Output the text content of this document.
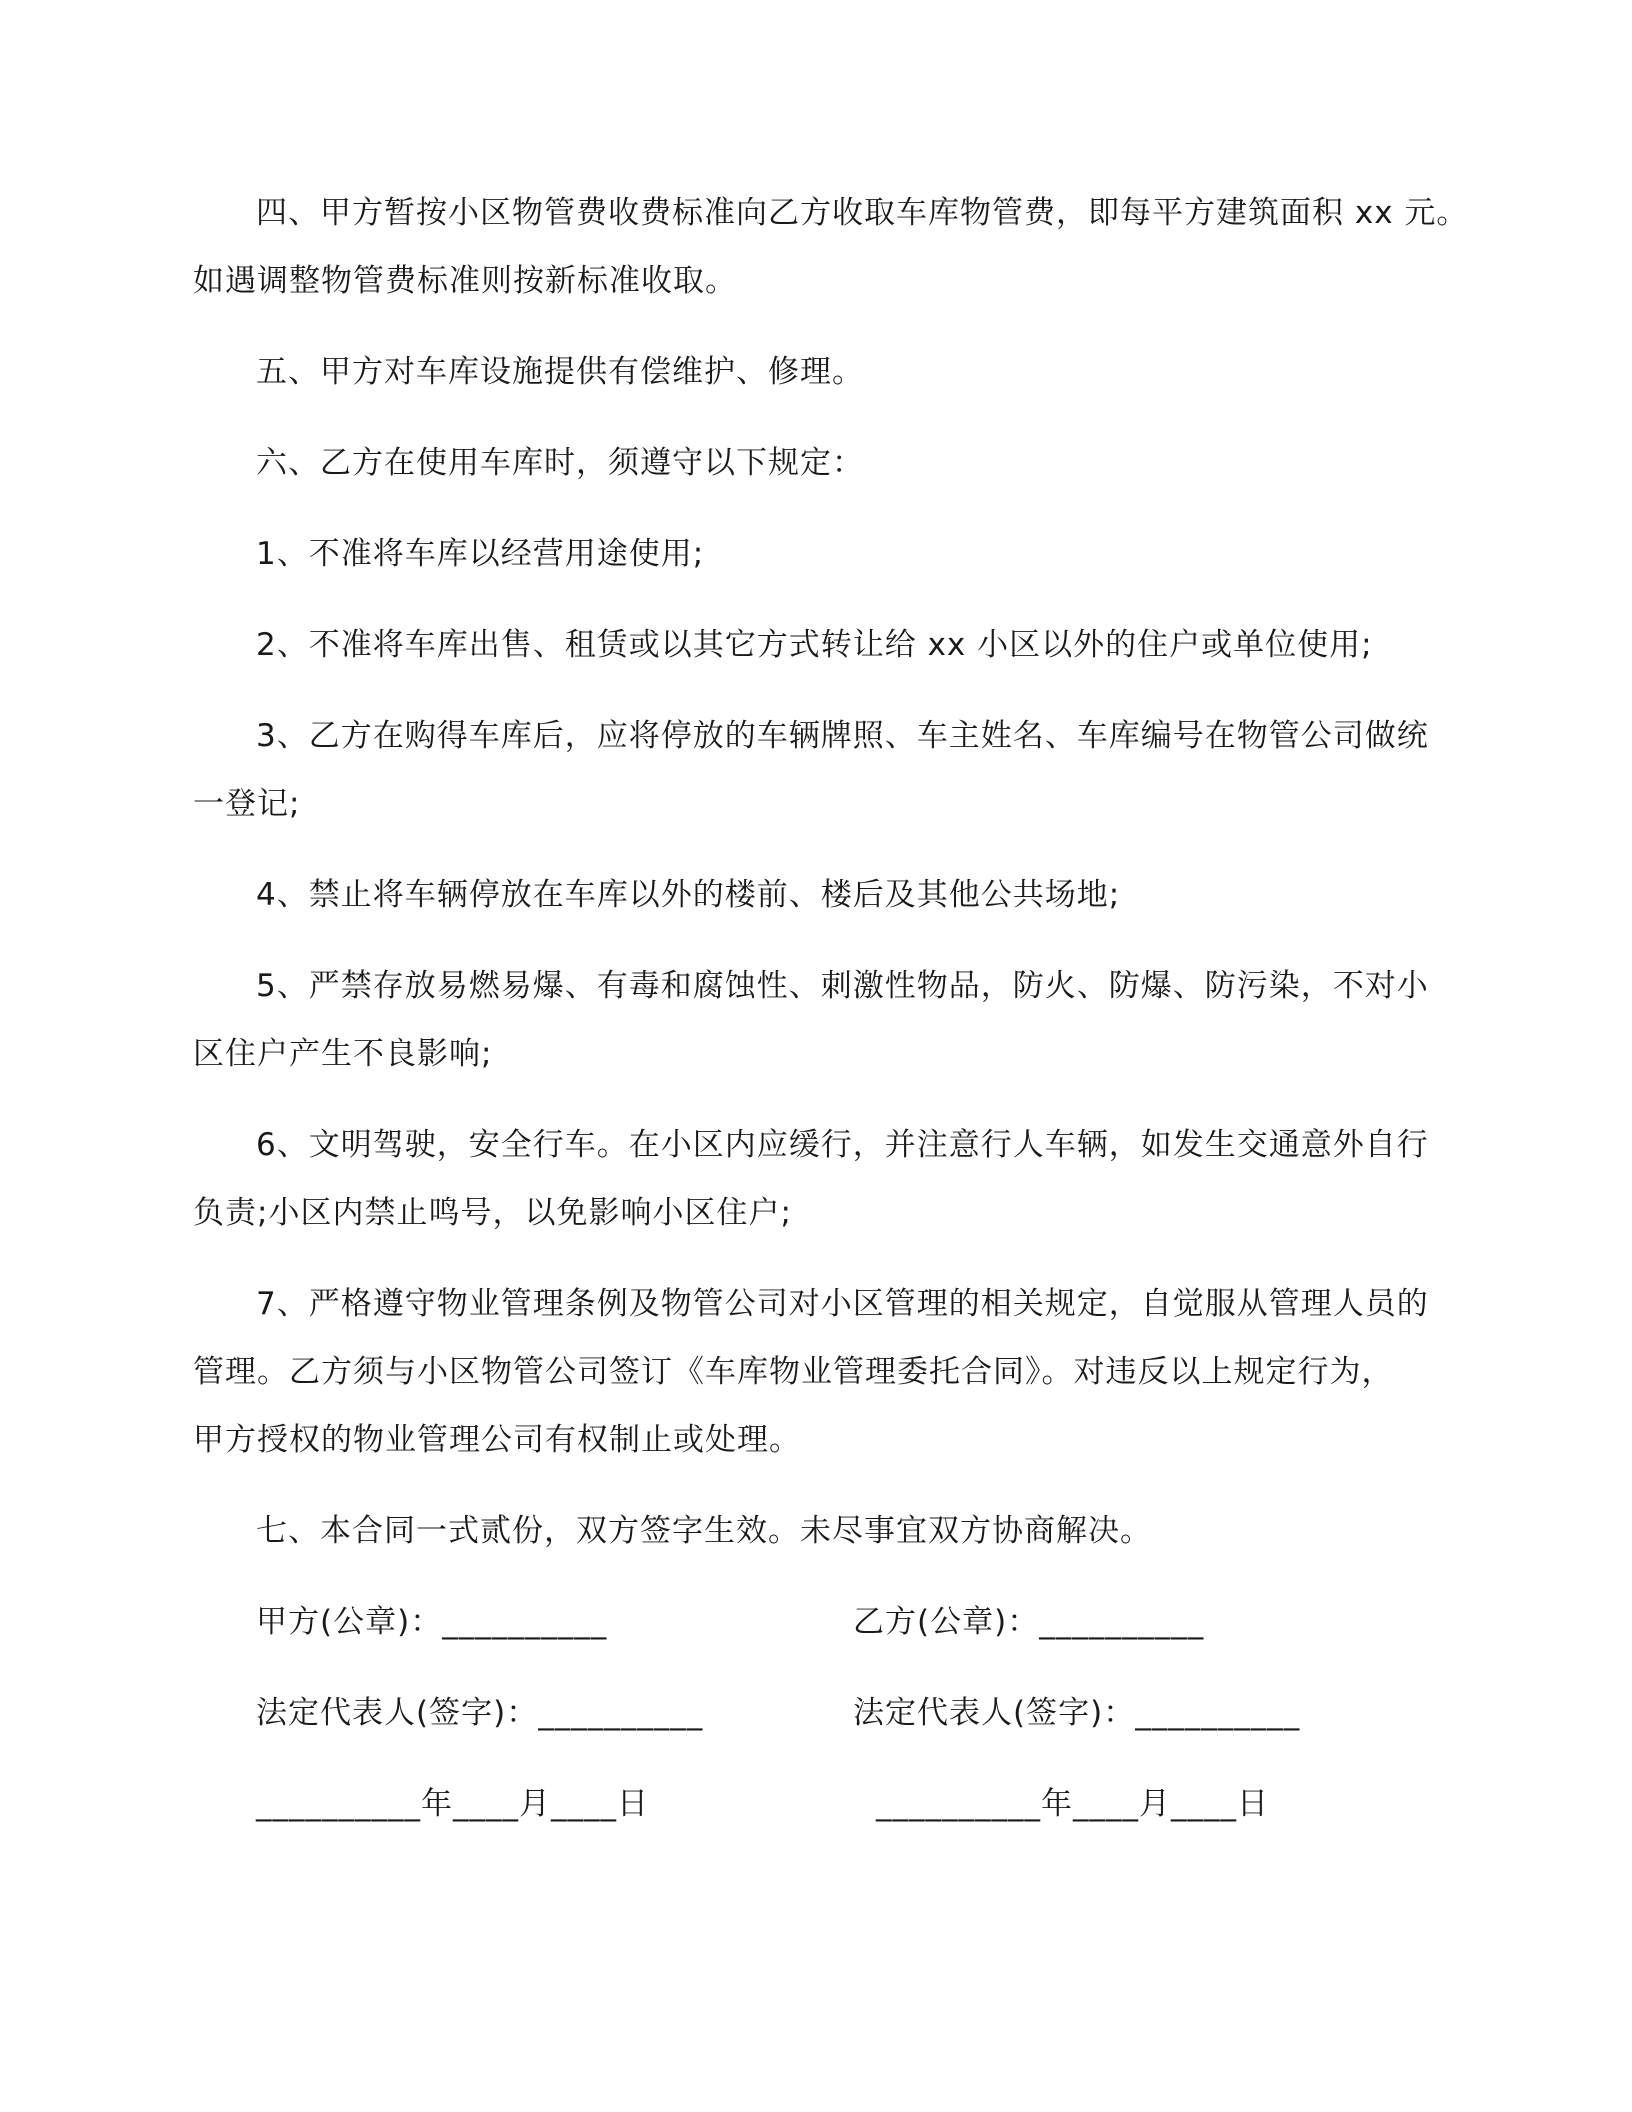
四、甲方暂按小区物管费收费标准向乙方收取车库物管费，即每平方建筑面积 xx 元。
如遇调整物管费标准则按新标准收取。
五、甲方对车库设施提供有偿维护、修理。
六、乙方在使用车库时，须遵守以下规定：
1、不准将车库以经营用途使用;
2、不准将车库出售、租赁或以其它方式转让给 xx 小区以外的住户或单位使用;
3、乙方在购得车库后，应将停放的车辆牌照、车主姓名、车库编号在物管公司做统
一登记;
4、禁止将车辆停放在车库以外的楼前、楼后及其他公共场地;
5、严禁存放易燃易爆、有毒和腐蚀性、刺激性物品，防火、防爆、防污染，不对小
区住户产生不良影响;
6、文明驾驶，安全行车。在小区内应缓行，并注意行人车辆，如发生交通意外自行
负责;小区内禁止鸣号，以免影响小区住户;
7、严格遵守物业管理条例及物管公司对小区管理的相关规定，自觉服从管理人员的
管理。乙方须与小区物管公司签订《车库物业管理委托合同》。对违反以上规定行为，
甲方授权的物业管理公司有权制止或处理。
七、本合同一式贰份，双方签字生效。未尽事宜双方协商解决。
甲方(公章)：__________	乙方(公章)：__________
法定代表人(签字)：__________	法定代表人(签字)：__________
__________年____月____日	__________年____月____日
